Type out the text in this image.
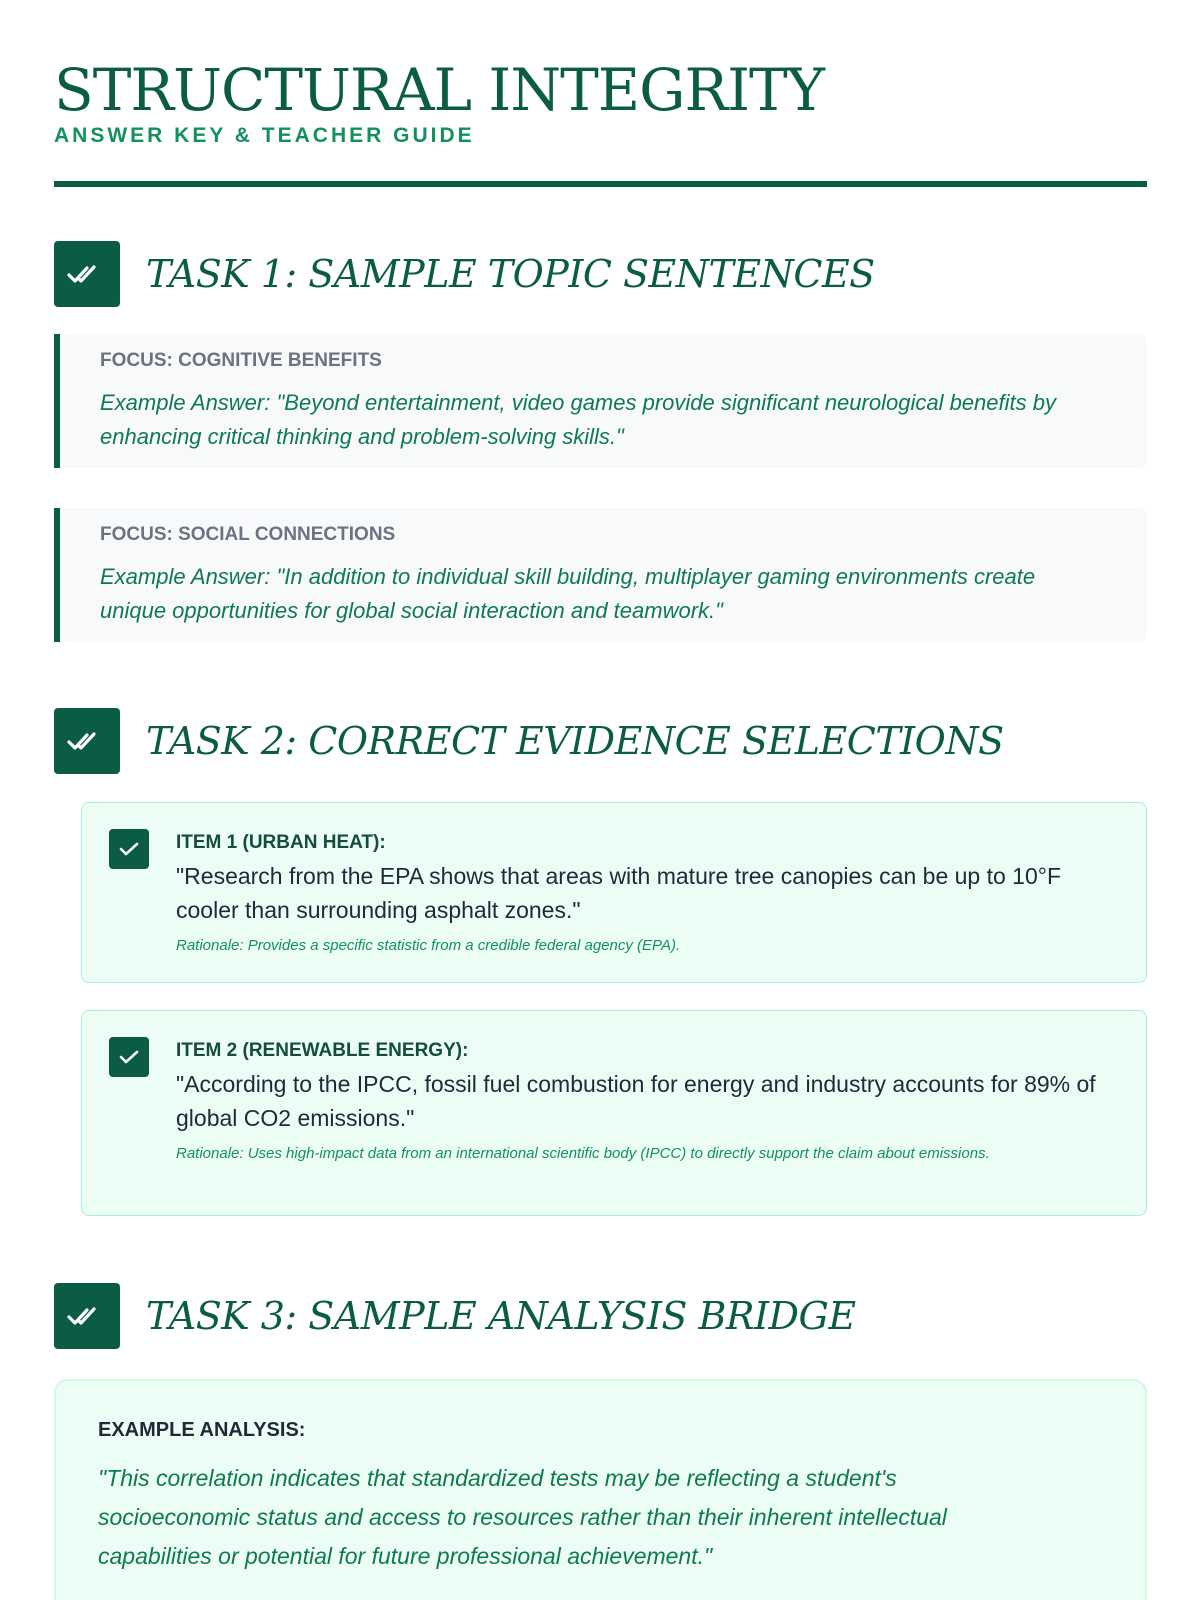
STRUCTURAL INTEGRITY
ANSWER KEY & TEACHER GUIDE
TASK 1: SAMPLE TOPIC SENTENCES
FOCUS: COGNITIVE BENEFITS
Example Answer: "Beyond entertainment, video games provide significant neurological benefits by enhancing critical thinking and problem-solving skills."
FOCUS: SOCIAL CONNECTIONS
Example Answer: "In addition to individual skill building, multiplayer gaming environments create unique opportunities for global social interaction and teamwork."
TASK 2: CORRECT EVIDENCE SELECTIONS
ITEM 1 (URBAN HEAT):
"Research from the EPA shows that areas with mature tree canopies can be up to 10°F cooler than surrounding asphalt zones."
Rationale: Provides a specific statistic from a credible federal agency (EPA).
ITEM 2 (RENEWABLE ENERGY):
"According to the IPCC, fossil fuel combustion for energy and industry accounts for 89% of global CO2 emissions."
Rationale: Uses high-impact data from an international scientific body (IPCC) to directly support the claim about emissions.
TASK 3: SAMPLE ANALYSIS BRIDGE
EXAMPLE ANALYSIS:
"This correlation indicates that standardized tests may be reflecting a student's socioeconomic status and access to resources rather than their inherent intellectual capabilities or potential for future professional achievement."
